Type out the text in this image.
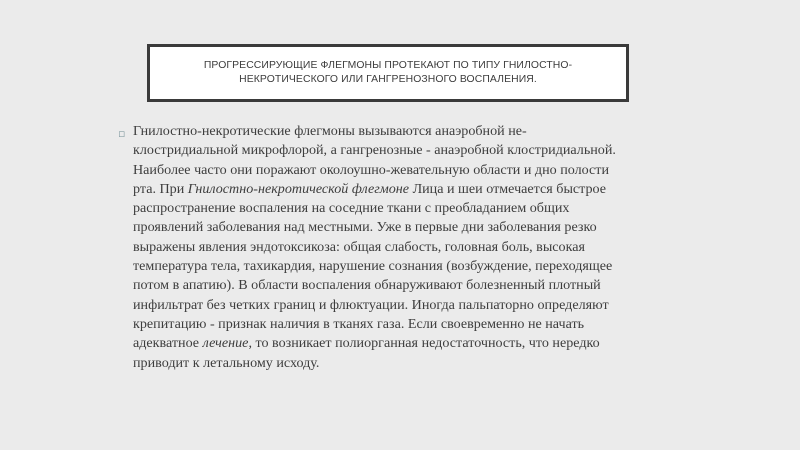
ПРОГРЕССИРУЮЩИЕ ФЛЕГМОНЫ ПРОТЕКАЮТ ПО ТИПУ ГНИЛОСТНО-
НЕКРОТИЧЕСКОГО ИЛИ ГАНГРЕНОЗНОГО ВОСПАЛЕНИЯ.
▫ Гнилостно-некротические флегмоны вызываются анаэробной не-
клостридиальной микрофлорой, а гангренозные - анаэробной клостридиальной.
Наиболее часто они поражают околоушно-жевательную области и дно полости
рта. При Гнилостно-некротической флегмоне Лица и шеи отмечается быстрое
распространение воспаления на соседние ткани с преобладанием общих
проявлений заболевания над местными. Уже в первые дни заболевания резко
выражены явления эндотоксикоза: общая слабость, головная боль, высокая
температура тела, тахикардия, нарушение сознания (возбуждение, переходящее
потом в апатию). В области воспаления обнаруживают болезненный плотный
инфильтрат без четких границ и флюктуации. Иногда пальпаторно определяют
крепитацию - признак наличия в тканях газа. Если своевременно не начать
адекватное лечение, то возникает полиорганная недостаточность, что нередко
приводит к летальному исходу.
